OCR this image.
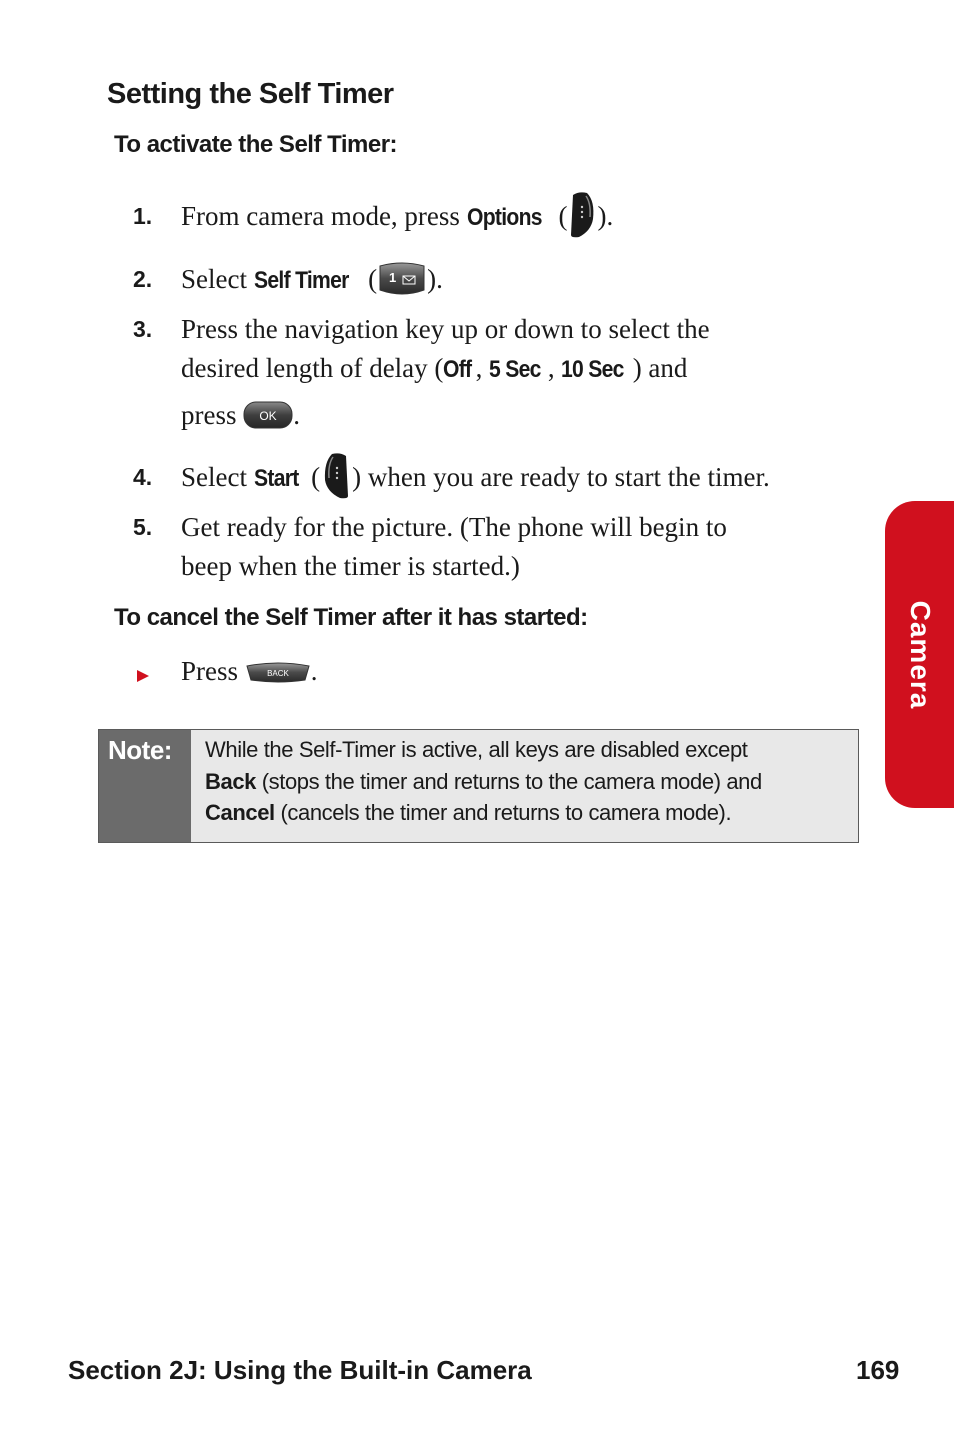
Setting the Self Timer
To activate the Self Timer:
1.	From camera mode, press Options ( ).
2.	Select Self Timer ( 1 ).
3.	Press the navigation key up or down to select the
desired length of delay (Off , 5 Sec , 10 Sec ) and
press OK .
4.	Select Start ( ) when you are ready to start the timer.
5.	Get ready for the picture. (The phone will begin to
beep when the timer is started.)
To cancel the Self Timer after it has started:
Press	BACK .
Note: While the Self-Timer is active, all keys are disabled except
Back (stops the timer and returns to the camera mode) and
Cancel (cancels the timer and returns to camera mode).
Camera
Section 2J: Using the Built-in Camera	169
